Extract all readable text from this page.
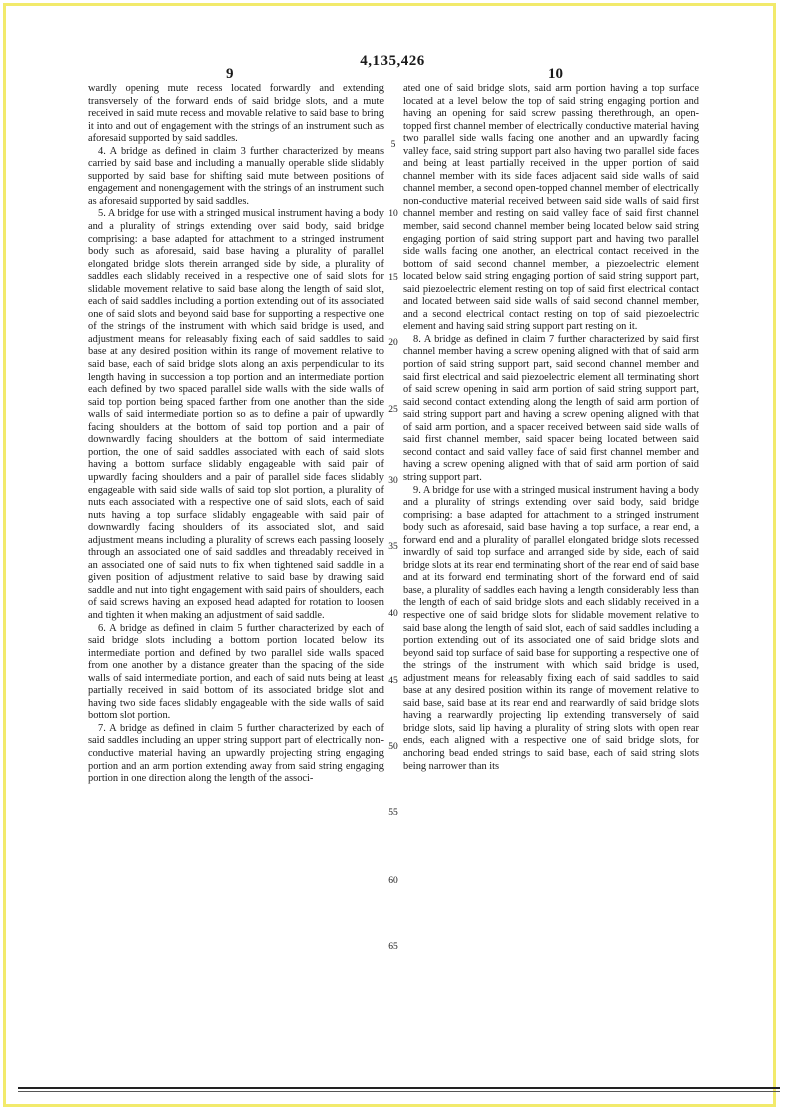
4,135,426
9	10

wardly opening mute recess located forwardly and extending transversely of the forward ends of said bridge slots, and a mute received in said mute recess and movable relative to said base to bring it into and out of engagement with the strings of an instrument such as aforesaid supported by said saddles.

4. A bridge as defined in claim 3 further characterized by means carried by said base and including a manually operable slide slidably supported by said base for shifting said mute between positions of engagement and nonengagement with the strings of an instrument such as aforesaid supported by said saddles.

5. A bridge for use with a stringed musical instrument having a body and a plurality of strings extending over said body, said bridge comprising: a base adapted for attachment to a stringed instrument body such as aforesaid, said base having a plurality of parallel elongated bridge slots therein arranged side by side, a plurality of saddles each slidably received in a respective one of said slots for slidable movement relative to said base along the length of said slot, each of said saddles including a portion extending out of its associated one of said slots and beyond said base for supporting a respective one of the strings of the instrument with which said bridge is used, and adjustment means for releasably fixing each of said saddles to said base at any desired position within its range of movement relative to said base, each of said bridge slots along an axis perpendicular to its length having in succession a top portion and an intermediate portion each defined by two spaced parallel side walls with the side walls of said top portion being spaced farther from one another than the side walls of said intermediate portion so as to define a pair of upwardly facing shoulders at the bottom of said top portion and a pair of downwardly facing shoulders at the bottom of said intermediate portion, the one of said saddles associated with each of said slots having a bottom surface slidably engageable with said pair of upwardly facing shoulders and a pair of parallel side faces slidably engageable with said side walls of said top slot portion, a plurality of nuts each associated with a respective one of said slots, each of said nuts having a top surface slidably engageable with said pair of downwardly facing shoulders of its associated slot, and said adjustment means including a plurality of screws each passing loosely through an associated one of said saddles and threadably received in an associated one of said nuts to fix when tightened said saddle in a given position of adjustment relative to said base by drawing said saddle and nut into tight engagement with said pairs of shoulders, each of said screws having an exposed head adapted for rotation to loosen and tighten it when making an adjustment of said saddle.

6. A bridge as defined in claim 5 further characterized by each of said bridge slots including a bottom portion located below its intermediate portion and defined by two parallel side walls spaced from one another by a distance greater than the spacing of the side walls of said intermediate portion, and each of said nuts being at least partially received in said bottom of its associated bridge slot and having two side faces slidably engageable with the side walls of said bottom slot portion.

7. A bridge as defined in claim 5 further characterized by each of said saddles including an upper string support part of electrically non-conductive material having an upwardly projecting string engaging portion and an arm portion extending away from said string engaging portion in one direction along the length of the associ-

ated one of said bridge slots, said arm portion having a top surface located at a level below the top of said string engaging portion and having an opening for said screw passing therethrough, an open-topped first channel member of electrically conductive material having two parallel side walls facing one another and an upwardly facing valley face, said string support part also having two parallel side faces and being at least partially received in the upper portion of said channel member with its side faces adjacent said side walls of said channel member, a second open-topped channel member of electrically non-conductive material received between said side walls of said first channel member and resting on said valley face of said first channel member, said second channel member being located below said string engaging portion of said string support part and having two parallel side walls facing one another, an electrical contact received in the bottom of said second channel member, a piezoelectric element located below said string engaging portion of said string support part, said piezoelectric element resting on top of said first electrical contact and located between said side walls of said second channel member, and a second electrical contact resting on top of said piezoelectric element and having said string support part resting on it.

8. A bridge as defined in claim 7 further characterized by said first channel member having a screw opening aligned with that of said arm portion of said string support part, said second channel member and said first electrical and said piezoelectric element all terminating short of said screw opening in said arm portion of said string support part, said second contact extending along the length of said arm portion of said string support part and having a screw opening aligned with that of said arm portion, and a spacer received between said side walls of said first channel member, said spacer being located between said second contact and said valley face of said first channel member and having a screw opening aligned with that of said arm portion of said string support part.

9. A bridge for use with a stringed musical instrument having a body and a plurality of strings extending over said body, said bridge comprising: a base adapted for attachment to a stringed instrument body such as aforesaid, said base having a top surface, a rear end, a forward end and a plurality of parallel elongated bridge slots recessed inwardly of said top surface and arranged side by side, each of said bridge slots at its rear end terminating short of the rear end of said base and at its forward end terminating short of the forward end of said base, a plurality of saddles each having a length considerably less than the length of each of said bridge slots and each slidably received in a respective one of said bridge slots for slidable movement relative to said base along the length of said slot, each of said saddles including a portion extending out of its associated one of said bridge slots and beyond said top surface of said base for supporting a respective one of the strings of the instrument with which said bridge is used, adjustment means for releasably fixing each of said saddles to said base at any desired position within its range of movement relative to said base, said base at its rear end and rearwardly of said bridge slots having a rearwardly projecting lip extending transversely of said bridge slots, said lip having a plurality of string slots with open rear ends, each aligned with a respective one of said bridge slots, for anchoring bead ended strings to said base, each of said string slots being narrower than its

5
10
15
20
25
30
35
40
45
50
55
60
65
